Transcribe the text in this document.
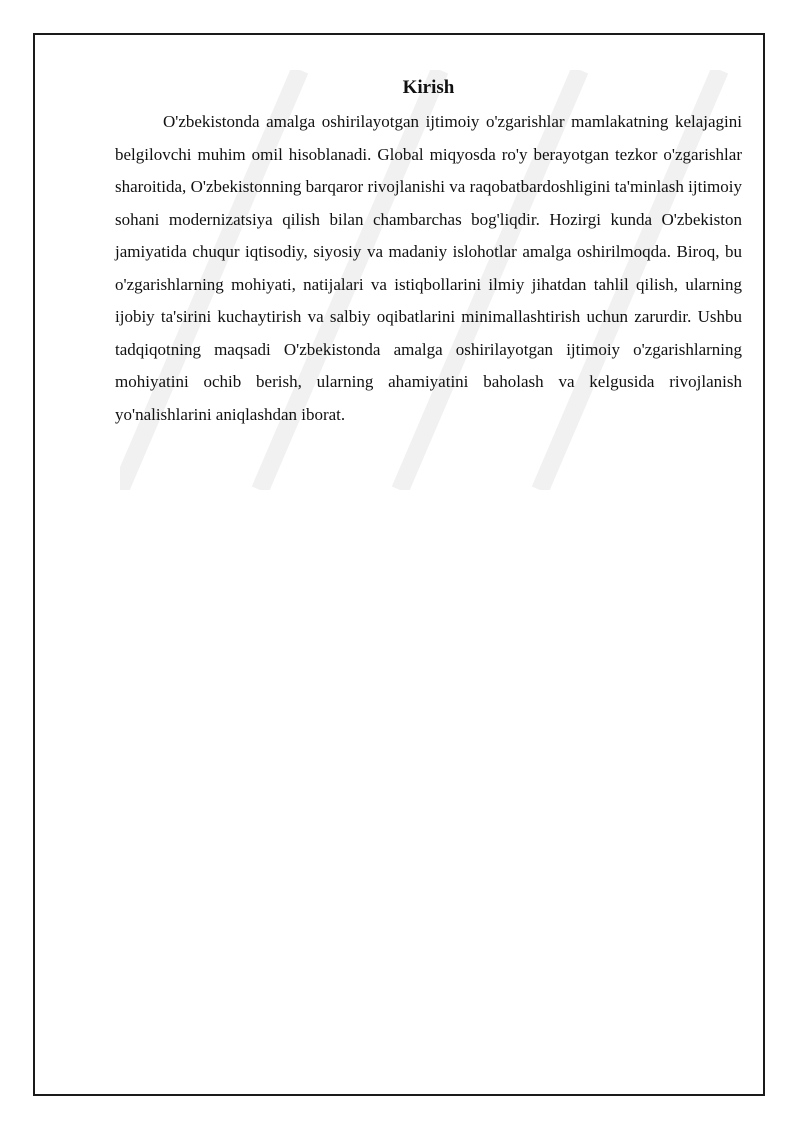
Kirish

O'zbekistonda amalga oshirilayotgan ijtimoiy o'zgarishlar mamlakatning kelajagini belgilovchi muhim omil hisoblanadi. Global miqyosda ro'y berayotgan tezkor o'zgarishlar sharoitida, O'zbekistonning barqaror rivojlanishi va raqobatbardoshligini ta'minlash ijtimoiy sohani modernizatsiya qilish bilan chambarchas bog'liqdir. Hozirgi kunda O'zbekiston jamiyatida chuqur iqtisodiy, siyosiy va madaniy islohotlar amalga oshirilmoqda. Biroq, bu o'zgarishlarning mohiyati, natijalari va istiqbollarini ilmiy jihatdan tahlil qilish, ularning ijobiy ta'sirini kuchaytirish va salbiy oqibatlarini minimallashtirish uchun zarurdir. Ushbu tadqiqotning maqsadi O'zbekistonda amalga oshirilayotgan ijtimoiy o'zgarishlarning mohiyatini ochib berish, ularning ahamiyatini baholash va kelgusida rivojlanish yo'nalishlarini aniqlashdan iborat.
